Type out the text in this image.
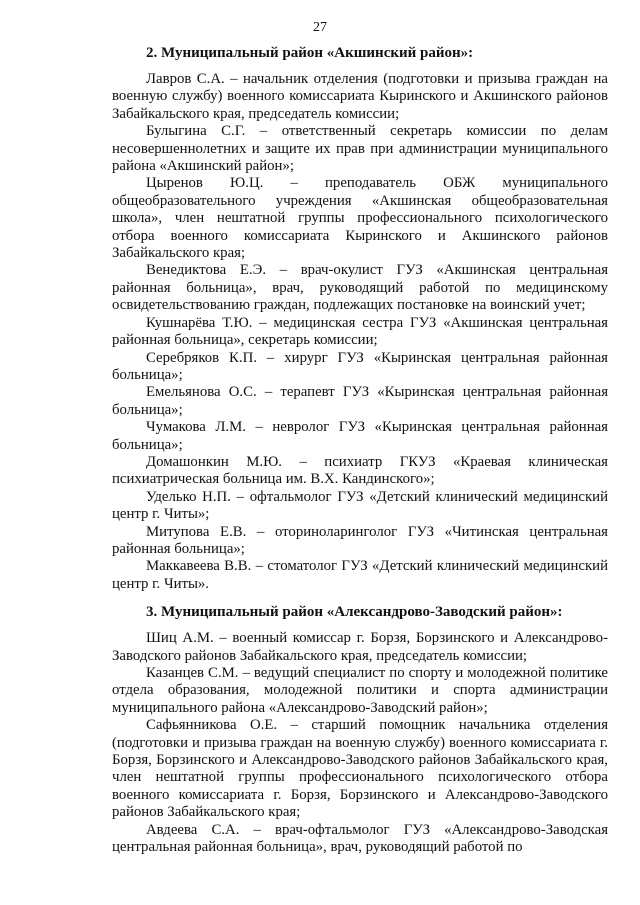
27
2. Муниципальный район «Акшинский район»:

Лавров С.А. – начальник отделения (подготовки и призыва граждан на военную службу) военного комиссариата Кыринского и Акшинского районов Забайкальского края, председатель комиссии;

Булыгина С.Г. – ответственный секретарь комиссии по делам несовершеннолетних и защите их прав при администрации муниципального района «Акшинский район»;

Цыренов Ю.Ц. – преподаватель ОБЖ муниципального общеобразовательного учреждения «Акшинская общеобразовательная школа», член нештатной группы профессионального психологического отбора военного комиссариата Кыринского и Акшинского районов Забайкальского края;

Венедиктова Е.Э. – врач-окулист ГУЗ «Акшинская центральная районная больница», врач, руководящий работой по медицинскому освидетельствованию граждан, подлежащих постановке на воинский учет;

Кушнарёва Т.Ю. – медицинская сестра ГУЗ «Акшинская центральная районная больница», секретарь комиссии;

Серебряков К.П. – хирург ГУЗ «Кыринская центральная районная больница»;

Емельянова О.С. – терапевт ГУЗ «Кыринская центральная районная больница»;

Чумакова Л.М. – невролог ГУЗ «Кыринская центральная районная больница»;

Домашонкин М.Ю. – психиатр ГКУЗ «Краевая клиническая психиатрическая больница им. В.Х. Кандинского»;

Уделько Н.П. – офтальмолог ГУЗ «Детский клинический медицинский центр г. Читы»;

Митупова Е.В. – оториноларинголог ГУЗ «Читинская центральная районная больница»;

Маккавеева В.В. – стоматолог ГУЗ «Детский клинический медицинский центр г. Читы».

3. Муниципальный район «Александрово-Заводский район»:

Шиц А.М. – военный комиссар г. Борзя, Борзинского и Александрово-Заводского районов Забайкальского края, председатель комиссии;

Казанцев С.М. – ведущий специалист по спорту и молодежной политике отдела образования, молодежной политики и спорта администрации муниципального района «Александрово-Заводский район»;

Сафьянникова О.Е. – старший помощник начальника отделения (подготовки и призыва граждан на военную службу) военного комиссариата г. Борзя, Борзинского и Александрово-Заводского районов Забайкальского края, член нештатной группы профессионального психологического отбора военного комиссариата г. Борзя, Борзинского и Александрово-Заводского районов Забайкальского края;

Авдеева С.А. – врач-офтальмолог ГУЗ «Александрово-Заводская центральная районная больница», врач, руководящий работой по
